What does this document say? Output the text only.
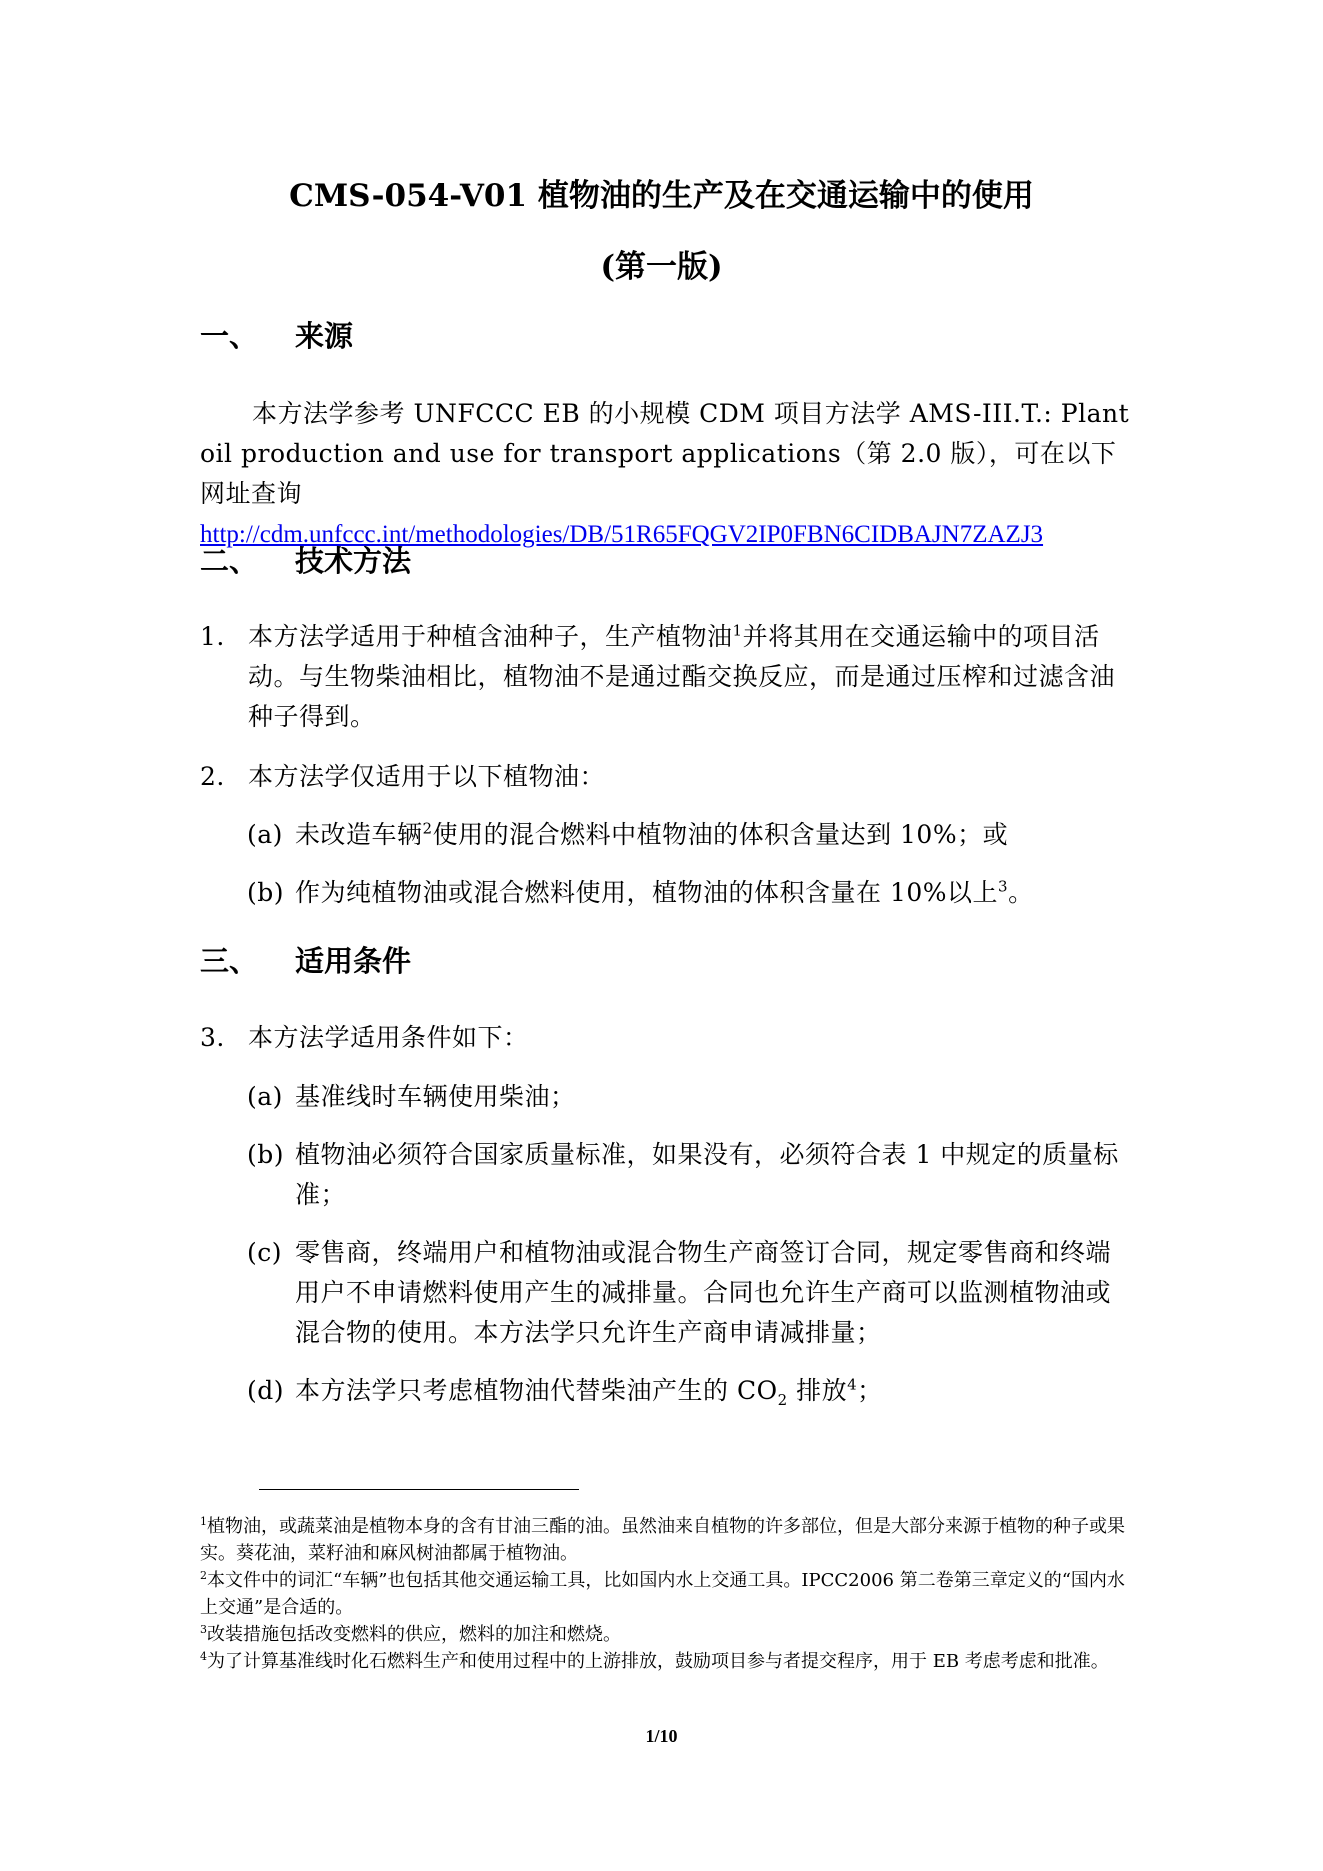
CMS-054-V01 植物油的生产及在交通运输中的使用
(第一版)
一、 来源

本方法学参考 UNFCCC EB 的小规模 CDM 项目方法学 AMS-III.T.: Plant oil production and use for transport applications（第 2.0 版），可在以下网址查询 http://cdm.unfccc.int/methodologies/DB/51R65FQGV2IP0FBN6CIDBAJN7ZAZJ3

二、 技术方法
1. 本方法学适用于种植含油种子，生产植物油$^1$并将其用在交通运输中的项目活动。与生物柴油相比，植物油不是通过酯交换反应，而是通过压榨和过滤含油种子得到。
2. 本方法学仅适用于以下植物油：
(a) 未改造车辆$^2$使用的混合燃料中植物油的体积含量达到 10%；或
(b) 作为纯植物油或混合燃料使用，植物油的体积含量在 10%以上$^3$。
三、 适用条件
3. 本方法学适用条件如下：
(a) 基准线时车辆使用柴油；
(b) 植物油必须符合国家质量标准，如果没有，必须符合表 1 中规定的质量标准；
(c) 零售商，终端用户和植物油或混合物生产商签订合同，规定零售商和终端用户不申请燃料使用产生的减排量。合同也允许生产商可以监测植物油或混合物的使用。本方法学只允许生产商申请减排量；
(d) 本方法学只考虑植物油代替柴油产生的 $CO_2$ 排放$^4$；

$^1$植物油，或蔬菜油是植物本身的含有甘油三酯的油。虽然油来自植物的许多部位，但是大部分来源于植物的种子或果实。葵花油，菜籽油和麻风树油都属于植物油。

$^2$本文件中的词汇“车辆”也包括其他交通运输工具，比如国内水上交通工具。IPCC2006 第二卷第三章定义的“国内水上交通”是合适的。

$^3$改装措施包括改变燃料的供应，燃料的加注和燃烧。

$^4$为了计算基准线时化石燃料生产和使用过程中的上游排放，鼓励项目参与者提交程序，用于 EB 考虑考虑和批准。

1/10
